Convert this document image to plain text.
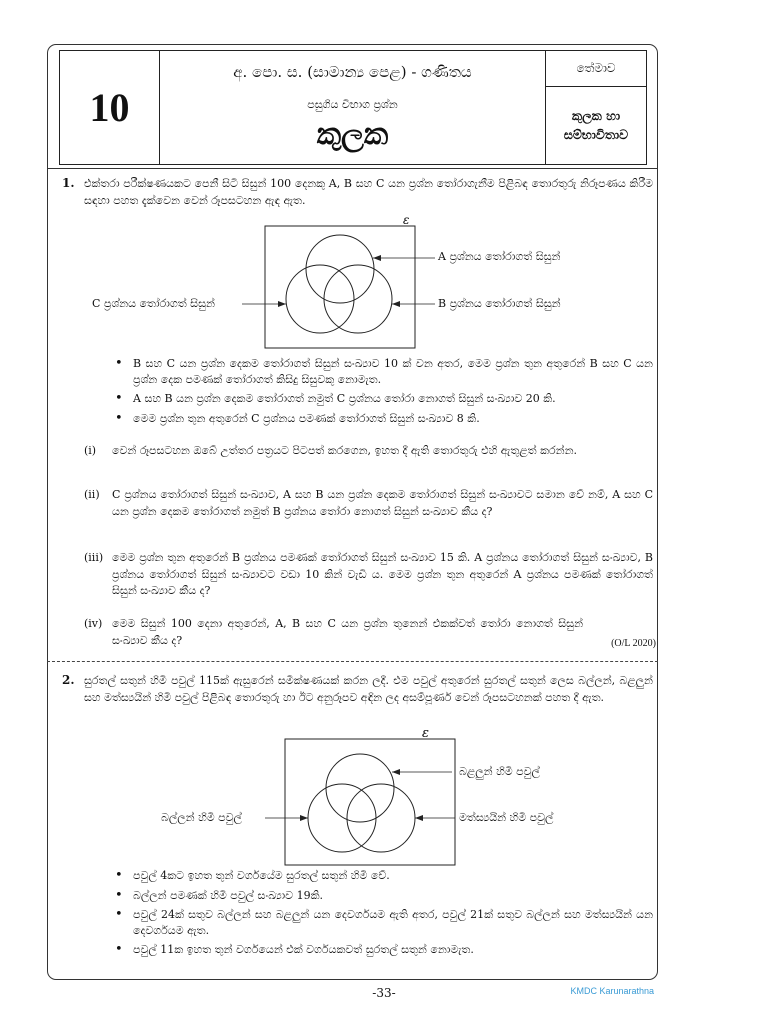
10
අ. පො. ස. (සාමාන්‍ය පෙළ) - ගණිතය
පසුගිය විභාග ප්‍රශ්න
කුලක
තේමාව
කුලක හා සම්භාවිතාව
1. එක්තරා පරීක්ෂණයකට පෙනී සිටි සිසුන් 100 දෙනකු A, B සහ C යන ප්‍රශ්න තෝරාගැනීම පිළිබඳ තොරතුරු නිරූපණය කිරීම සඳහා පහත දැක්වෙන වෙන් රූපසටහන ඇඳ ඇත.
ε
A ප්‍රශ්නය තෝරාගත් සිසුන්
B ප්‍රශ්නය තෝරාගත් සිසුන්
C ප්‍රශ්නය තෝරාගත් සිසුන්
• B සහ C යන ප්‍රශ්න දෙකම තෝරාගත් සිසුන් සංඛ්‍යාව 10 ක් වන අතර, මෙම ප්‍රශ්න තුන අතුරෙන් B සහ C යන ප්‍රශ්න දෙක පමණක් තෝරාගත් කිසිදු සිසුවකු නොමැත.
• A සහ B යන ප්‍රශ්න දෙකම තෝරාගත් නමුත් C ප්‍රශ්නය තෝරා නොගත් සිසුන් සංඛ්‍යාව 20 කි.
• මෙම ප්‍රශ්න තුන අතුරෙන් C ප්‍රශ්නය පමණක් තෝරාගත් සිසුන් සංඛ්‍යාව 8 කි.
(i) වෙන් රූපසටහන ඔබේ උත්තර පත්‍රයට පිටපත් කරගෙන, ඉහත දී ඇති තොරතුරු එහි ඇතුළත් කරන්න.
(ii) C ප්‍රශ්නය තෝරාගත් සිසුන් සංඛ්‍යාව, A සහ B යන ප්‍රශ්න දෙකම තෝරාගත් සිසුන් සංඛ්‍යාවට සමාන වේ නම්, A සහ C යන ප්‍රශ්න දෙකම තෝරාගත් නමුත් B ප්‍රශ්නය තෝරා නොගත් සිසුන් සංඛ්‍යාව කීය ද?
(iii) මෙම ප්‍රශ්න තුන අතුරෙන් B ප්‍රශ්නය පමණක් තෝරාගත් සිසුන් සංඛ්‍යාව 15 කි. A ප්‍රශ්නය තෝරාගත් සිසුන් සංඛ්‍යාව, B ප්‍රශ්නය තෝරාගත් සිසුන් සංඛ්‍යාවට වඩා 10 කින් වැඩි ය. මෙම ප්‍රශ්න තුන අතුරෙන් A ප්‍රශ්නය පමණක් තෝරාගත් සිසුන් සංඛ්‍යාව කීය ද?
(iv) මෙම සිසුන් 100 දෙනා අතුරෙන්, A, B සහ C යන ප්‍රශ්න තුනෙන් එකක්වත් තෝරා නොගත් සිසුන් සංඛ්‍යාව කීය ද?	(O/L 2020)
2. සුරතල් සතුන් හිමි පවුල් 115ක් ඇසුරෙන් සමීක්ෂණයක් කරන ලදී. එම පවුල් අතුරෙන් සුරතල් සතුන් ලෙස බල්ලන්, බළලුන් සහ මත්ස්‍යයින් හිමි පවුල් පිළිබඳ තොරතුරු හා ඊට අනුරූපව අඳින ලද අසම්පූර්ණ වෙන් රූපසටහනක් පහත දී ඇත.
ε
බළලුන් හිමි පවුල්
මත්ස්‍යයින් හිමි පවුල්
බල්ලන් හිමි පවුල්
• පවුල් 4කට ඉහත තුන් වර්ගයේම සුරතල් සතුන් හිමි වේ.
• බල්ලන් පමණක් හිමි පවුල් සංඛ්‍යාව 19කි.
• පවුල් 24ක් සතුව බල්ලන් සහ බළලුන් යන දෙවර්ගයම ඇති අතර, පවුල් 21ක් සතුව බල්ලන් සහ මත්ස්‍යයින් යන දෙවර්ගයම ඇත.
• පවුල් 11ක ඉහත තුන් වර්ගයෙන් එක් වර්ගයකවත් සුරතල් සතුන් නොමැත.
-33-	KMDC Karunarathna
